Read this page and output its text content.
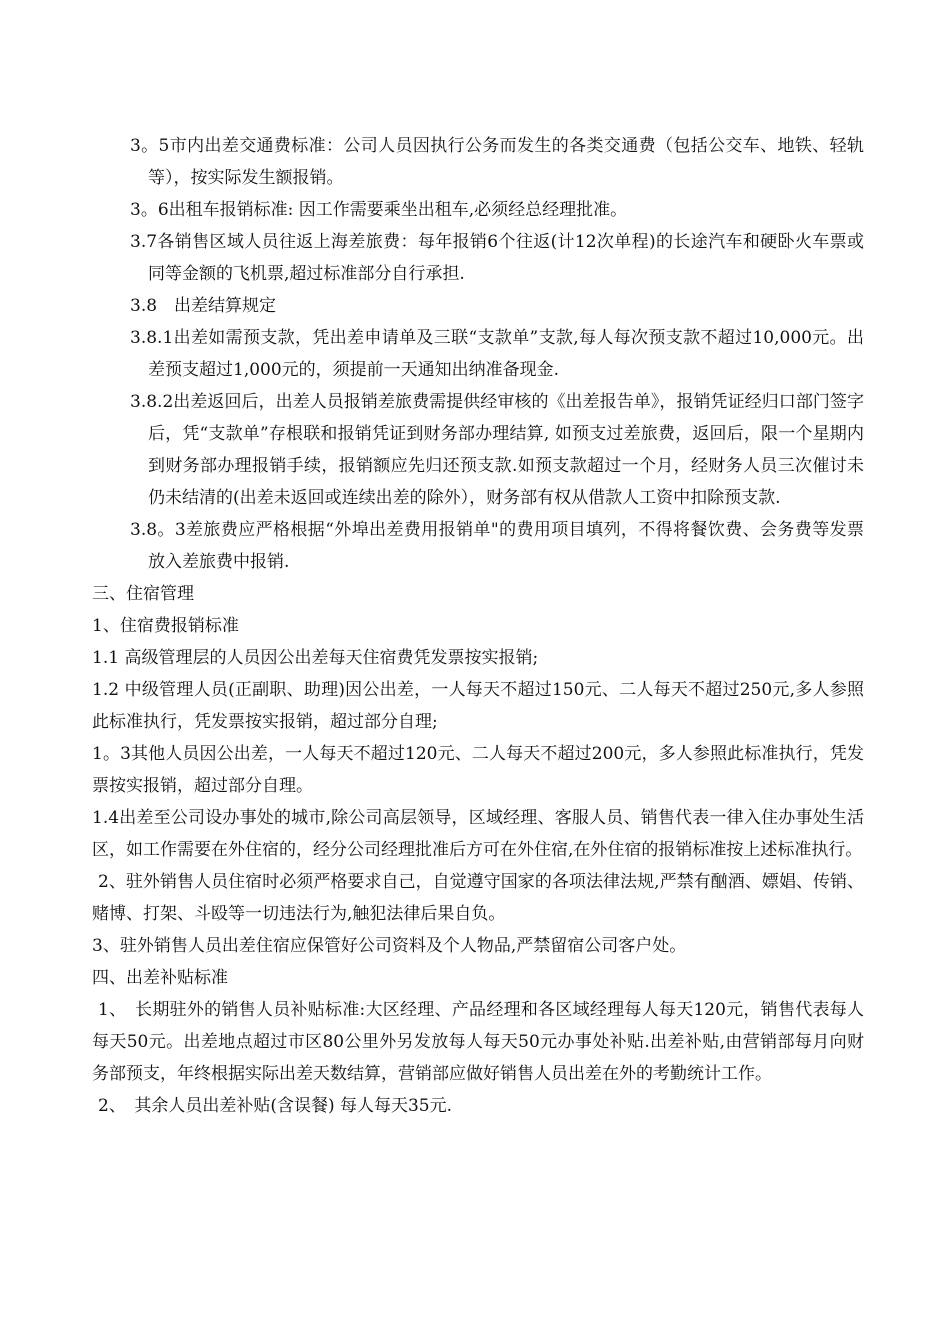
3。5市内出差交通费标准：公司人员因执行公务而发生的各类交通费（包括公交车、地铁、轻轨等），按实际发生额报销。

3。6出租车报销标准: 因工作需要乘坐出租车,必须经总经理批准。

3.7各销售区域人员往返上海差旅费：每年报销6个往返(计12次单程)的长途汽车和硬卧火车票或同等金额的飞机票,超过标准部分自行承担.

3.8　出差结算规定

3.8.1出差如需预支款，凭出差申请单及三联“支款单”支款,每人每次预支款不超过10,000元。出差预支超过1,000元的，须提前一天通知出纳准备现金.

3.8.2出差返回后，出差人员报销差旅费需提供经审核的《出差报告单》，报销凭证经归口部门签字后，凭“支款单”存根联和报销凭证到财务部办理结算, 如预支过差旅费，返回后，限一个星期内到财务部办理报销手续，报销额应先归还预支款.如预支款超过一个月，经财务人员三次催讨未仍未结清的(出差未返回或连续出差的除外），财务部有权从借款人工资中扣除预支款.

3.8。3差旅费应严格根据“外埠出差费用报销单"的费用项目填列，不得将餐饮费、会务费等发票放入差旅费中报销.

三、住宿管理

1、住宿费报销标准

1.1 高级管理层的人员因公出差每天住宿费凭发票按实报销;

1.2 中级管理人员(正副职、助理)因公出差，一人每天不超过150元、二人每天不超过250元,多人参照此标准执行，凭发票按实报销，超过部分自理;

1。3其他人员因公出差，一人每天不超过120元、二人每天不超过200元，多人参照此标准执行，凭发票按实报销，超过部分自理。

1.4出差至公司设办事处的城市,除公司高层领导，区域经理、客服人员、销售代表一律入住办事处生活区，如工作需要在外住宿的，经分公司经理批准后方可在外住宿,在外住宿的报销标准按上述标准执行。

2、驻外销售人员住宿时必须严格要求自己，自觉遵守国家的各项法律法规,严禁有酗酒、嫖娼、传销、赌博、打架、斗殴等一切违法行为,触犯法律后果自负。

3、驻外销售人员出差住宿应保管好公司资料及个人物品,严禁留宿公司客户处。

四、出差补贴标准

1、　长期驻外的销售人员补贴标准:大区经理、产品经理和各区域经理每人每天120元，销售代表每人每天50元。出差地点超过市区80公里外另发放每人每天50元办事处补贴.出差补贴,由营销部每月向财务部预支，年终根据实际出差天数结算，营销部应做好销售人员出差在外的考勤统计工作。

2、　其余人员出差补贴(含误餐) 每人每天35元.
